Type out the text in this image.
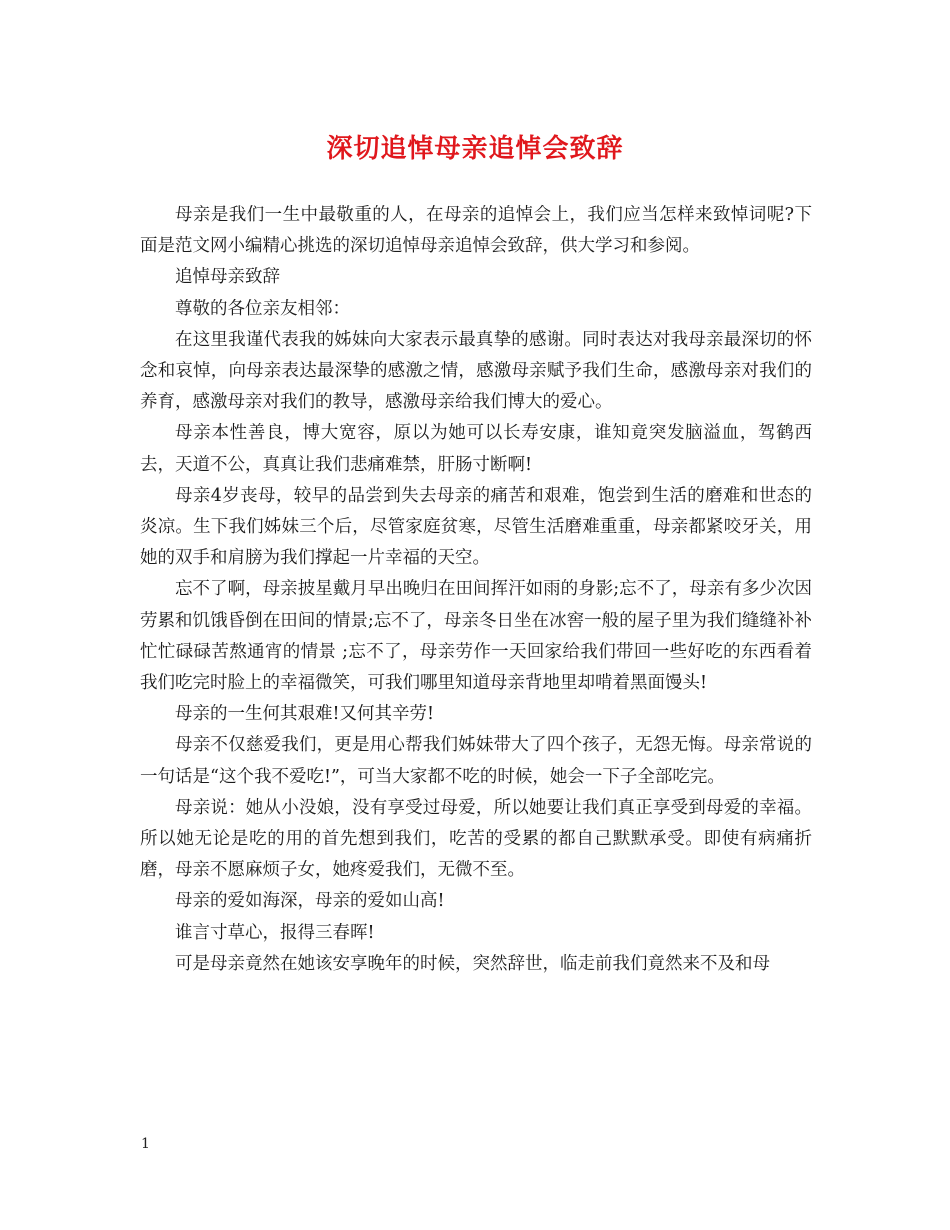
深切追悼母亲追悼会致辞

母亲是我们一生中最敬重的人，在母亲的追悼会上，我们应当怎样来致悼词呢?下面是范文网小编精心挑选的深切追悼母亲追悼会致辞，供大学习和参阅。

追悼母亲致辞

尊敬的各位亲友相邻：

在这里我谨代表我的姊妹向大家表示最真挚的感谢。同时表达对我母亲最深切的怀念和哀悼，向母亲表达最深挚的感激之情，感激母亲赋予我们生命，感激母亲对我们的养育，感激母亲对我们的教导，感激母亲给我们博大的爱心。

母亲本性善良，博大宽容，原以为她可以长寿安康，谁知竟突发脑溢血，驾鹤西去，天道不公，真真让我们悲痛难禁，肝肠寸断啊!

母亲4岁丧母，较早的品尝到失去母亲的痛苦和艰难，饱尝到生活的磨难和世态的炎凉。生下我们姊妹三个后，尽管家庭贫寒，尽管生活磨难重重，母亲都紧咬牙关，用她的双手和肩膀为我们撑起一片幸福的天空。

忘不了啊，母亲披星戴月早出晚归在田间挥汗如雨的身影;忘不了，母亲有多少次因劳累和饥饿昏倒在田间的情景;忘不了，母亲冬日坐在冰窖一般的屋子里为我们缝缝补补忙忙碌碌苦熬通宵的情景 ;忘不了，母亲劳作一天回家给我们带回一些好吃的东西看着我们吃完时脸上的幸福微笑，可我们哪里知道母亲背地里却啃着黑面馒头!

母亲的一生何其艰难!又何其辛劳!

母亲不仅慈爱我们，更是用心帮我们姊妹带大了四个孩子，无怨无悔。母亲常说的一句话是“这个我不爱吃!”，可当大家都不吃的时候，她会一下子全部吃完。

母亲说：她从小没娘，没有享受过母爱，所以她要让我们真正享受到母爱的幸福。所以她无论是吃的用的首先想到我们，吃苦的受累的都自己默默承受。即使有病痛折磨，母亲不愿麻烦子女，她疼爱我们，无微不至。

母亲的爱如海深，母亲的爱如山高!

谁言寸草心，报得三春晖!

可是母亲竟然在她该安享晚年的时候，突然辞世，临走前我们竟然来不及和母

1
